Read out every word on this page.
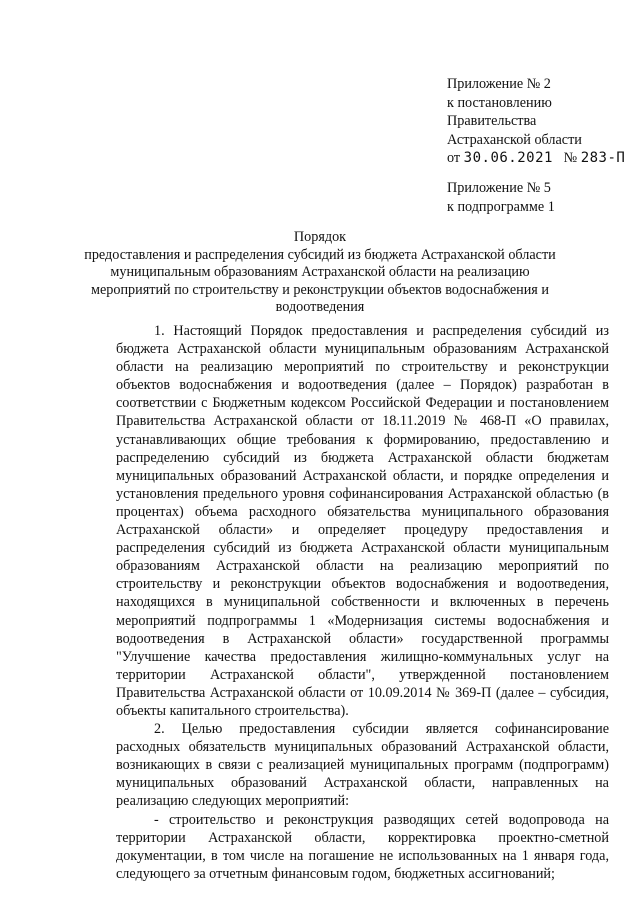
Приложение № 2
к постановлению
Правительства
Астраханской области
от 30.06.2021 № 283-П
Приложение № 5
к подпрограмме 1
Порядок
предоставления и распределения субсидий из бюджета Астраханской области муниципальным образованиям Астраханской области на реализацию мероприятий по строительству и реконструкции объектов водоснабжения и водоотведения

1. Настоящий Порядок предоставления и распределения субсидий из бюджета Астраханской области муниципальным образованиям Астраханской области на реализацию мероприятий по строительству и реконструкции объектов водоснабжения и водоотведения (далее – Порядок) разработан в соответствии с Бюджетным кодексом Российской Федерации и постановлением Правительства Астраханской области от 18.11.2019 № 468-П «О правилах, устанавливающих общие требования к формированию, предоставлению и распределению субсидий из бюджета Астраханской области бюджетам муниципальных образований Астраханской области, и порядке определения и установления предельного уровня софинансирования Астраханской областью (в процентах) объема расходного обязательства муниципального образования Астраханской области» и определяет процедуру предоставления и распределения субсидий из бюджета Астраханской области муниципальным образованиям Астраханской области на реализацию мероприятий по строительству и реконструкции объектов водоснабжения и водоотведения, находящихся в муниципальной собственности и включенных в перечень мероприятий подпрограммы 1 «Модернизация системы водоснабжения и водоотведения в Астраханской области» государственной программы "Улучшение качества предоставления жилищно-коммунальных услуг на территории Астраханской области", утвержденной постановлением Правительства Астраханской области от 10.09.2014 № 369-П (далее – субсидия, объекты капитального строительства).

2. Целью предоставления субсидии является софинансирование расходных обязательств муниципальных образований Астраханской области, возникающих в связи с реализацией муниципальных программ (подпрограмм) муниципальных образований Астраханской области, направленных на реализацию следующих мероприятий:

- строительство и реконструкция разводящих сетей водопровода на территории Астраханской области, корректировка проектно-сметной документации, в том числе на погашение не использованных на 1 января года, следующего за отчетным финансовым годом, бюджетных ассигнований;
